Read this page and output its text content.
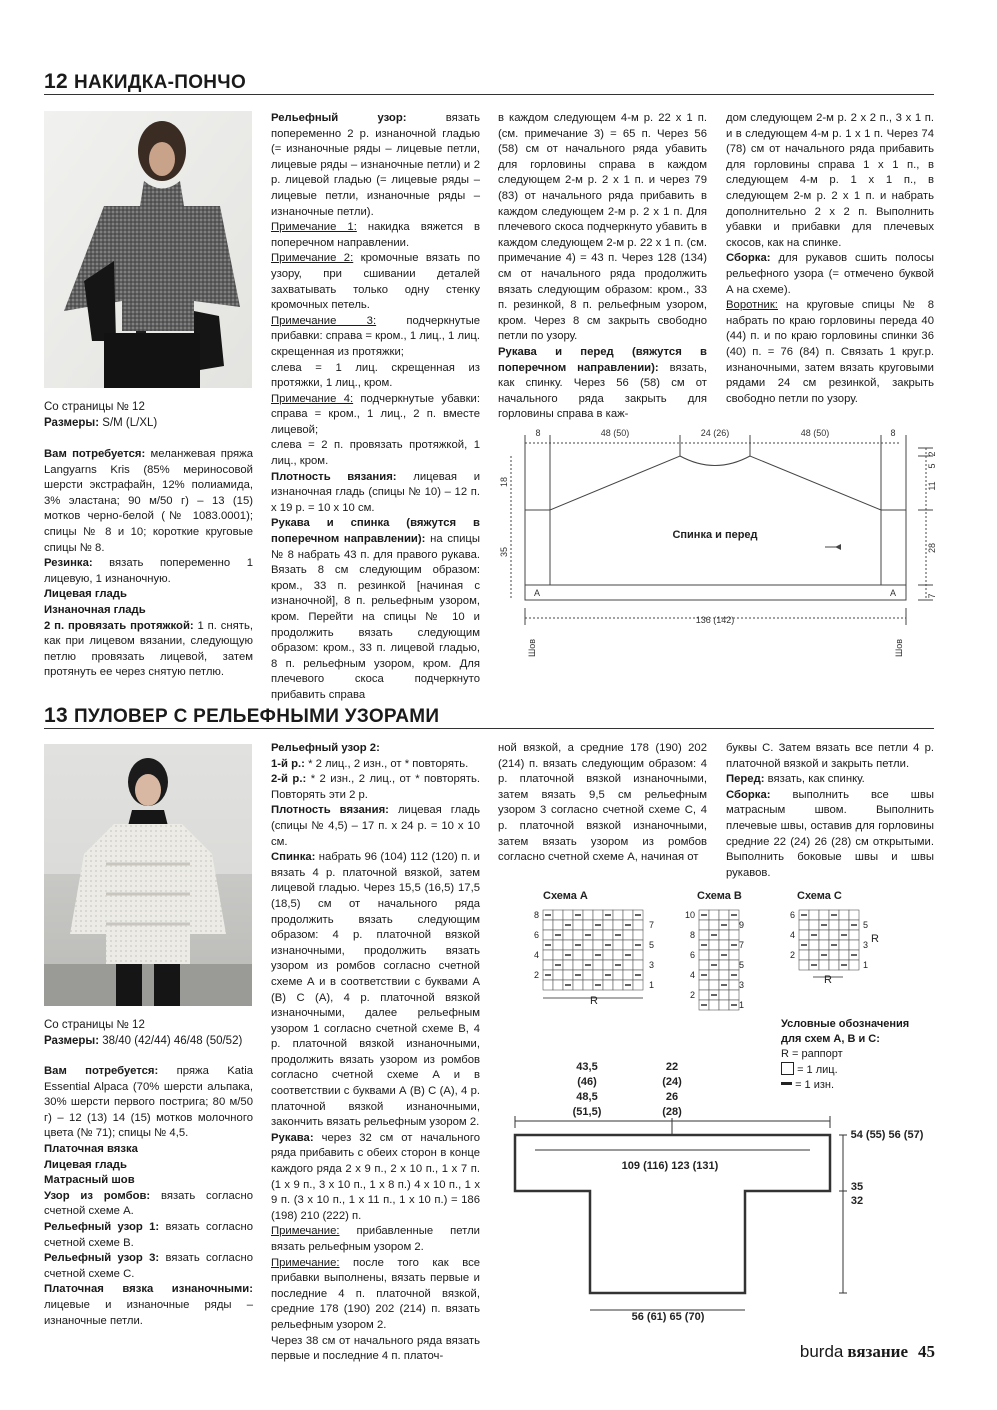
12 НАКИДКА-ПОНЧО
Со страницы № 12
Размеры: S/M (L/XL)

Вам потребуется: меланжевая пряжа Langyarns Kris (85% мериносовой шерсти экстрафайн, 12% полиамида, 3% эластана; 90 м/50 г) – 13 (15) мотков черно-белой (№ 1083.0001); спицы № 8 и 10; короткие круговые спицы № 8.

Резинка: вязать попеременно 1 лицевую, 1 изнаночную.

Лицевая гладь

Изнаночная гладь

2 п. провязать протяжкой: 1 п. снять, как при лицевом вязании, следующую петлю провязать лицевой, затем протянуть ее через снятую петлю.

Рельефный узор: вязать попеременно 2 р. изнаночной гладью (= изнаночные ряды – лицевые петли, лицевые ряды – изнаночные петли) и 2 р. лицевой гладью (= лицевые ряды – лицевые петли, изнаночные ряды – изнаночные петли).

Примечание 1: накидка вяжется в поперечном направлении.

Примечание 2: кромочные вязать по узору, при сшивании деталей захватывать только одну стенку кромочных петель.

Примечание 3: подчеркнутые прибавки: справа = кром., 1 лиц., 1 лиц. скрещенная из протяжки;

слева = 1 лиц. скрещенная из протяжки, 1 лиц., кром.

Примечание 4: подчеркнутые убавки: справа = кром., 1 лиц., 2 п. вместе лицевой;

слева = 2 п. провязать протяжкой, 1 лиц., кром.

Плотность вязания: лицевая и изнаночная гладь (спицы № 10) – 12 п. х 19 р. = 10 х 10 см.

Рукава и спинка (вяжутся в поперечном направлении): на спицы № 8 набрать 43 п. для правого рукава. Вязать 8 см следующим образом: кром., 33 п. резинкой [начиная с изнаночной], 8 п. рельефным узором, кром. Перейти на спицы № 10 и продолжить вязать следующим образом: кром., 33 п. лицевой гладью, 8 п. рельефным узором, кром. Для плечевого скоса подчеркнуто прибавить справа

в каждом следующем 4-м р. 22 х 1 п. (см. примечание 3) = 65 п. Через 56 (58) см от начального ряда убавить для горловины справа в каждом следующем 2-м р. 2 х 1 п. и через 79 (83) от начального ряда прибавить в каждом следующем 2-м р. 2 х 1 п. Для плечевого скоса подчеркнуто убавить в каждом следующем 2-м р. 22 х 1 п. (см. примечание 4) = 43 п. Через 128 (134) см от начального ряда продолжить вязать следующим образом: кром., 33 п. резинкой, 8 п. рельефным узором, кром. Через 8 см закрыть свободно петли по узору.

Рукава и перед (вяжутся в поперечном направлении): вязать, как спинку. Через 56 (58) см от начального ряда закрыть для горловины справа в каж-

дом следующем 2-м р. 2 х 2 п., 3 х 1 п. и в следующем 4-м р. 1 х 1 п. Через 74 (78) см от начального ряда прибавить для горловины справа 1 х 1 п., в следующем 4-м р. 1 х 1 п., в следующем 2-м р. 2 х 1 п. и набрать дополнительно 2 х 2 п. Выполнить убавки и прибавки для плечевых скосов, как на спинке.

Сборка: для рукавов сшить полосы рельефного узора (= отмечено буквой А на схеме).

Воротник: на круговые спицы № 8 набрать по краю горловины переда 40 (44) п. и по краю горловины спинки 36 (40) п. = 76 (84) п. Связать 1 круг.р. изнаночными, затем вязать круговыми рядами 24 см резинкой, закрыть свободно петли по узору.

8	48 (50)	24 (26)	48 (50)	8
18
35
5
2
11
28
7
136 (142)
A	A
Шов	Шов
Спинка и перед
13 ПУЛОВЕР С РЕЛЬЕФНЫМИ УЗОРАМИ
Со страницы № 12
Размеры: 38/40 (42/44) 46/48 (50/52)

Вам потребуется: пряжа Katia Essential Alpaca (70% шерсти альпака, 30% шерсти первого пострига; 80 м/50 г) – 12 (13) 14 (15) мотков молочного цвета (№ 71); спицы № 4,5.

Платочная вязка

Лицевая гладь

Матрасный шов

Узор из ромбов: вязать согласно счетной схеме А.

Рельефный узор 1: вязать согласно счетной схеме В.

Рельефный узор 3: вязать согласно счетной схеме С.

Платочная вязка изнаночными: лицевые и изнаночные ряды – изнаночные петли.

Рельефный узор 2:

1-й р.: * 2 лиц., 2 изн., от * повторять.

2-й р.: * 2 изн., 2 лиц., от * повторять. Повторять эти 2 р.

Плотность вязания: лицевая гладь (спицы № 4,5) – 17 п. х 24 р. = 10 х 10 см.

Спинка: набрать 96 (104) 112 (120) п. и вязать 4 р. платочной вязкой, затем лицевой гладью. Через 15,5 (16,5) 17,5 (18,5) см от начального ряда продолжить вязать следующим образом: 4 р. платочной вязкой изнаночными, продолжить вязать узором из ромбов согласно счетной схеме А и в соответствии с буквами А (В) С (А), 4 р. платочной вязкой изнаночными, далее рельефным узором 1 согласно счетной схеме В, 4 р. платочной вязкой изнаночными, продолжить вязать узором из ромбов согласно счетной схеме А и в соответствии с буквами А (В) С (А), 4 р. платочной вязкой изнаночными, закончить вязать рельефным узором 2.

Рукава: через 32 см от начального ряда прибавить с обеих сторон в конце каждого ряда 2 х 9 п., 2 х 10 п., 1 х 7 п. (1 х 9 п., 3 х 10 п., 1 х 8 п.) 4 х 10 п., 1 х 9 п. (3 х 10 п., 1 х 11 п., 1 х 10 п.) = 186 (198) 210 (222) п.

Примечание: прибавленные петли вязать рельефным узором 2.

Примечание: после того как все прибавки выполнены, вязать первые и последние 4 п. платочной вязкой, средние 178 (190) 202 (214) п. вязать рельефным узором 2.

Через 38 см от начального ряда вязать первые и последние 4 п. платоч-

ной вязкой, а средние 178 (190) 202 (214) п. вязать следующим образом: 4 р. платочной вязкой изнаночными, затем вязать 9,5 см рельефным узором 3 согласно счетной схеме С, 4 р. платочной вязкой изнаночными, затем вязать узором из ромбов согласно счетной схеме А, начиная от

буквы С. Затем вязать все петли 4 р. платочной вязкой и закрыть петли.

Перед: вязать, как спинку.

Сборка: выполнить все швы матрасным швом. Выполнить плечевые швы, оставив для горловины средние 22 (24) 26 (28) см открытыми. Выполнить боковые швы и швы рукавов.

Схема А	Схема В	Схема С
8
6
4
2
10
8
6
4
2
6
4
2
7
5
3
1
9
7
5
3
1
5
3
1
R
R
R
Условные обозначения для схем А, В и С:
R = раппорт
= 1 лиц.
= 1 изн.
43,5
(46)
48,5
(51,5)
22
(24)
26
(28)
109 (116) 123 (131)
56 (61) 65 (70)
54 (55) 56 (57)
35
32
burda вязание 45
